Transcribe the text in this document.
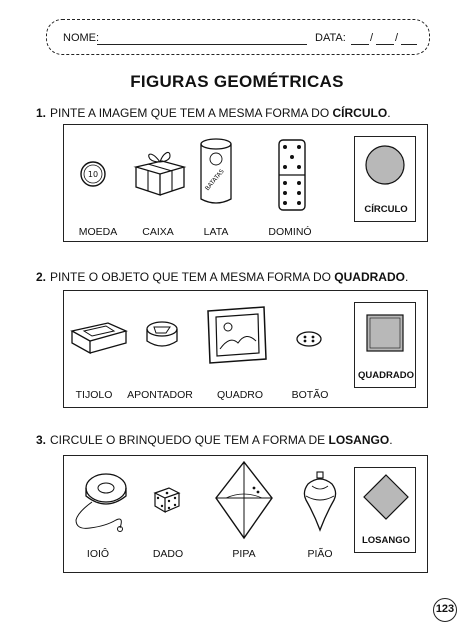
NOME:	DATA: / /
FIGURAS GEOMÉTRICAS
1. PINTE A IMAGEM QUE TEM A MESMA FORMA DO CÍRCULO.
10	BATATAS
MOEDA	CAIXA	LATA	DOMINÓ
CÍRCULO
2. PINTE O OBJETO QUE TEM A MESMA FORMA DO QUADRADO.
TIJOLO	APONTADOR	QUADRO	BOTÃO
QUADRADO
3. CIRCULE O BRINQUEDO QUE TEM A FORMA DE LOSANGO.
IOIÔ	DADO	PIPA	PIÃO
LOSANGO
123
